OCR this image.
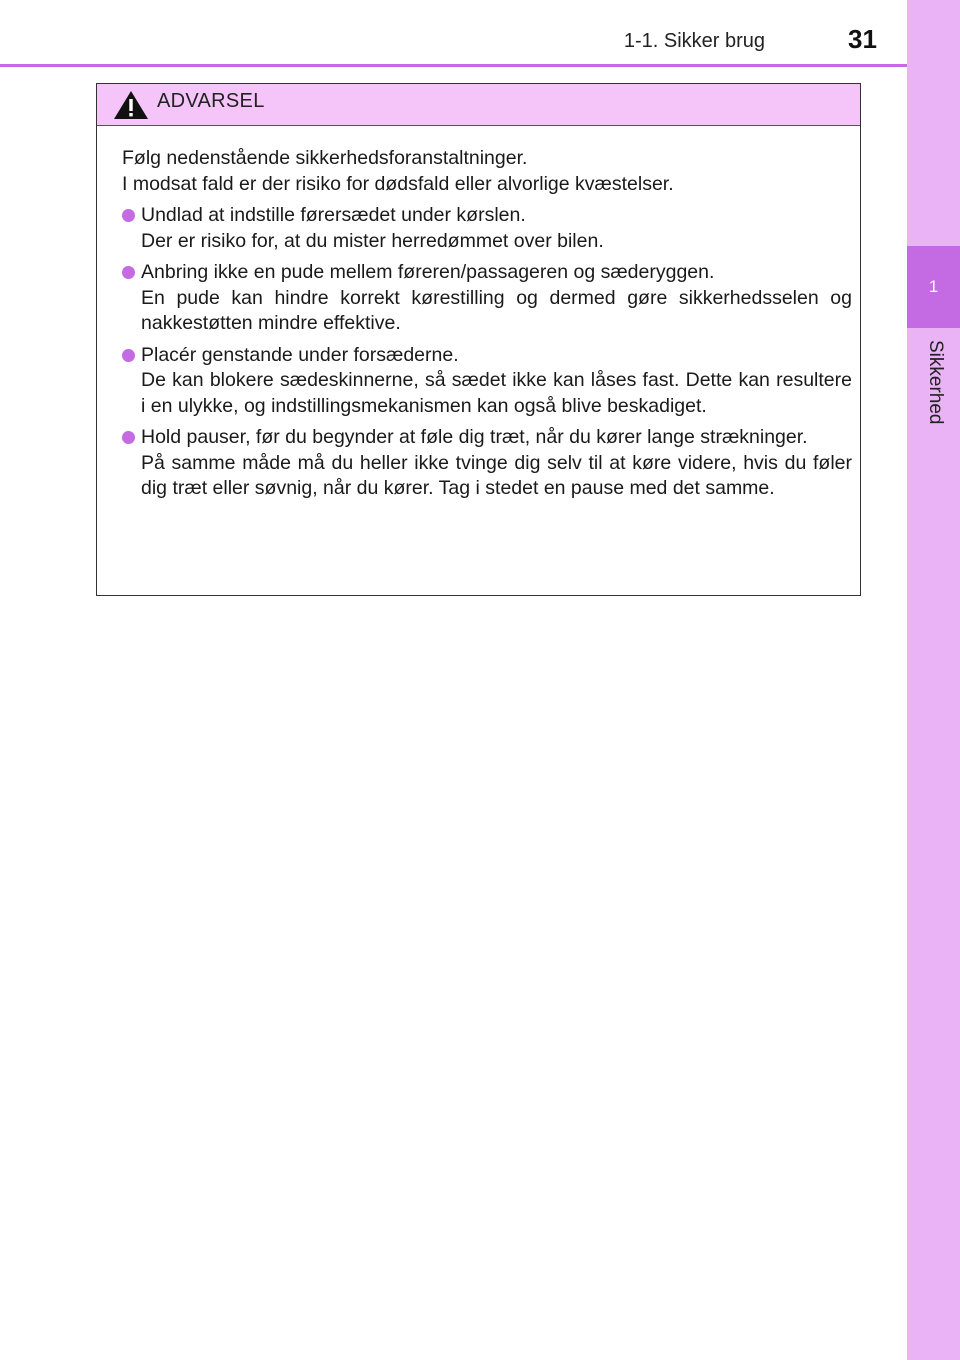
1
Sikkerhed
1-1. Sikker brug	31
ADVARSEL
Følg nedenstående sikkerhedsforanstaltninger.
I modsat fald er der risiko for dødsfald eller alvorlige kvæstelser.
Undlad at indstille førersædet under kørslen.
Der er risiko for, at du mister herredømmet over bilen.
Anbring ikke en pude mellem føreren/passageren og sæderyggen.
En pude kan hindre korrekt kørestilling og dermed gøre sikkerhedsselen og nakkestøtten mindre effektive.
Placér genstande under forsæderne.
De kan blokere sædeskinnerne, så sædet ikke kan låses fast. Dette kan resultere i en ulykke, og indstillingsmekanismen kan også blive beskadiget.
Hold pauser, før du begynder at føle dig træt, når du kører lange strækninger.
På samme måde må du heller ikke tvinge dig selv til at køre videre, hvis du føler dig træt eller søvnig, når du kører. Tag i stedet en pause med det samme.
